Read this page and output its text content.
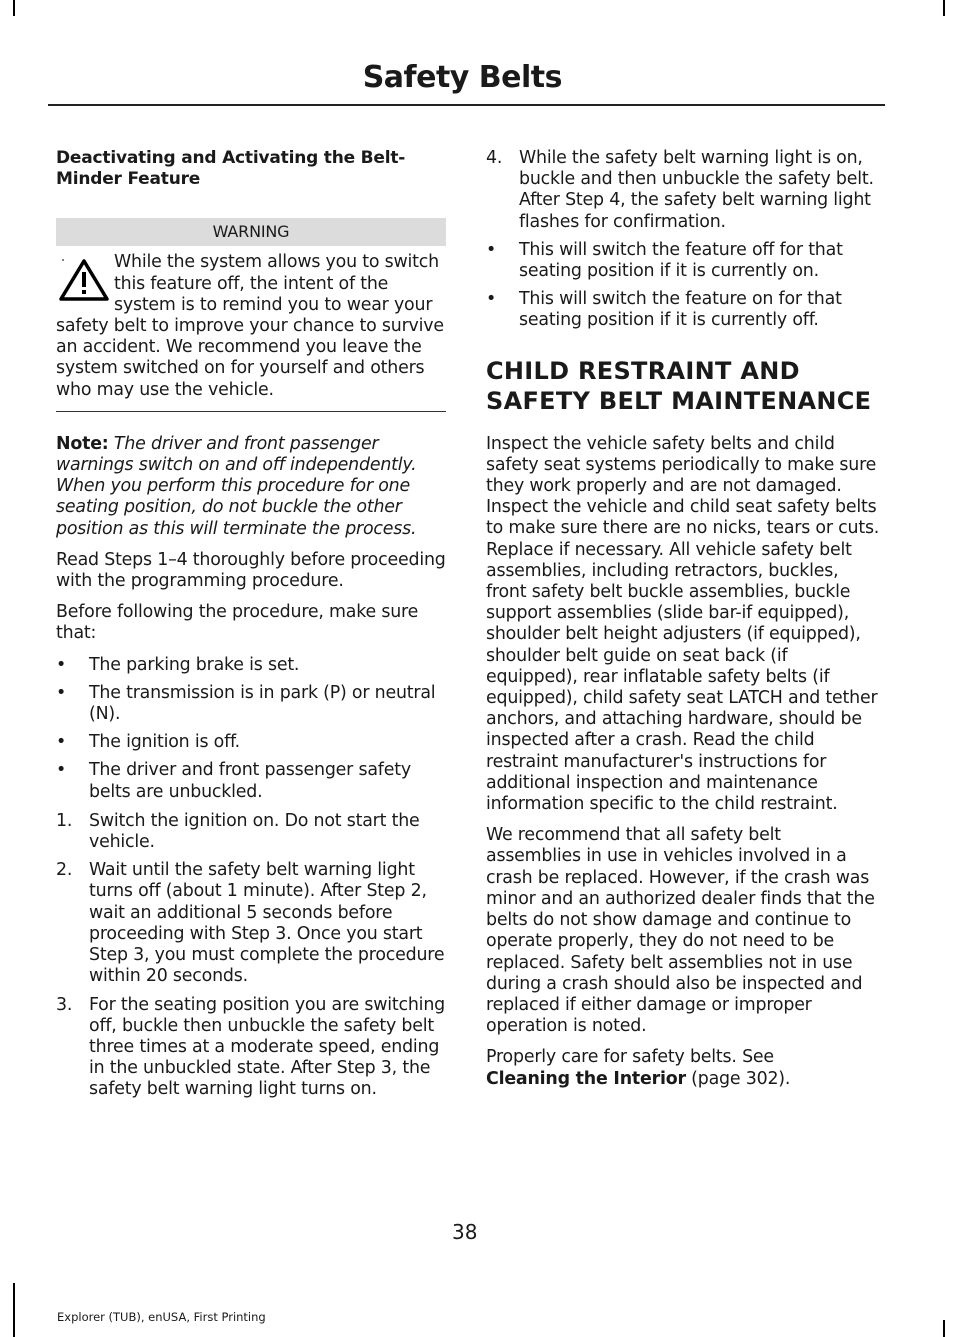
Safety Belts
Deactivating and Activating the Belt-Minder Feature
WARNING
While the system allows you to switch this feature off, the intent of the system is to remind you to wear your safety belt to improve your chance to survive an accident. We recommend you leave the system switched on for yourself and others who may use the vehicle.

Note: The driver and front passenger warnings switch on and off independently. When you perform this procedure for one seating position, do not buckle the other position as this will terminate the process.

Read Steps 1–4 thoroughly before proceeding with the programming procedure.

Before following the procedure, make sure that:

• The parking brake is set.
• The transmission is in park (P) or neutral (N).
• The ignition is off.
• The driver and front passenger safety belts are unbuckled.
1. Switch the ignition on. Do not start the vehicle.
2. Wait until the safety belt warning light turns off (about 1 minute). After Step 2, wait an additional 5 seconds before proceeding with Step 3. Once you start Step 3, you must complete the procedure within 20 seconds.
3. For the seating position you are switching off, buckle then unbuckle the safety belt three times at a moderate speed, ending in the unbuckled state. After Step 3, the safety belt warning light turns on.
4. While the safety belt warning light is on, buckle and then unbuckle the safety belt. After Step 4, the safety belt warning light flashes for confirmation.
• This will switch the feature off for that seating position if it is currently on.
• This will switch the feature on for that seating position if it is currently off.
CHILD RESTRAINT AND
SAFETY BELT MAINTENANCE

Inspect the vehicle safety belts and child safety seat systems periodically to make sure they work properly and are not damaged. Inspect the vehicle and child seat safety belts to make sure there are no nicks, tears or cuts. Replace if necessary. All vehicle safety belt assemblies, including retractors, buckles, front safety belt buckle assemblies, buckle support assemblies (slide bar-if equipped), shoulder belt height adjusters (if equipped), shoulder belt guide on seat back (if equipped), rear inflatable safety belts (if equipped), child safety seat LATCH and tether anchors, and attaching hardware, should be inspected after a crash. Read the child restraint manufacturer's instructions for additional inspection and maintenance information specific to the child restraint.

We recommend that all safety belt assemblies in use in vehicles involved in a crash be replaced. However, if the crash was minor and an authorized dealer finds that the belts do not show damage and continue to operate properly, they do not need to be replaced. Safety belt assemblies not in use during a crash should also be inspected and replaced if either damage or improper operation is noted.

Properly care for safety belts. See
Cleaning the Interior (page 302).

38
Explorer (TUB), enUSA, First Printing
